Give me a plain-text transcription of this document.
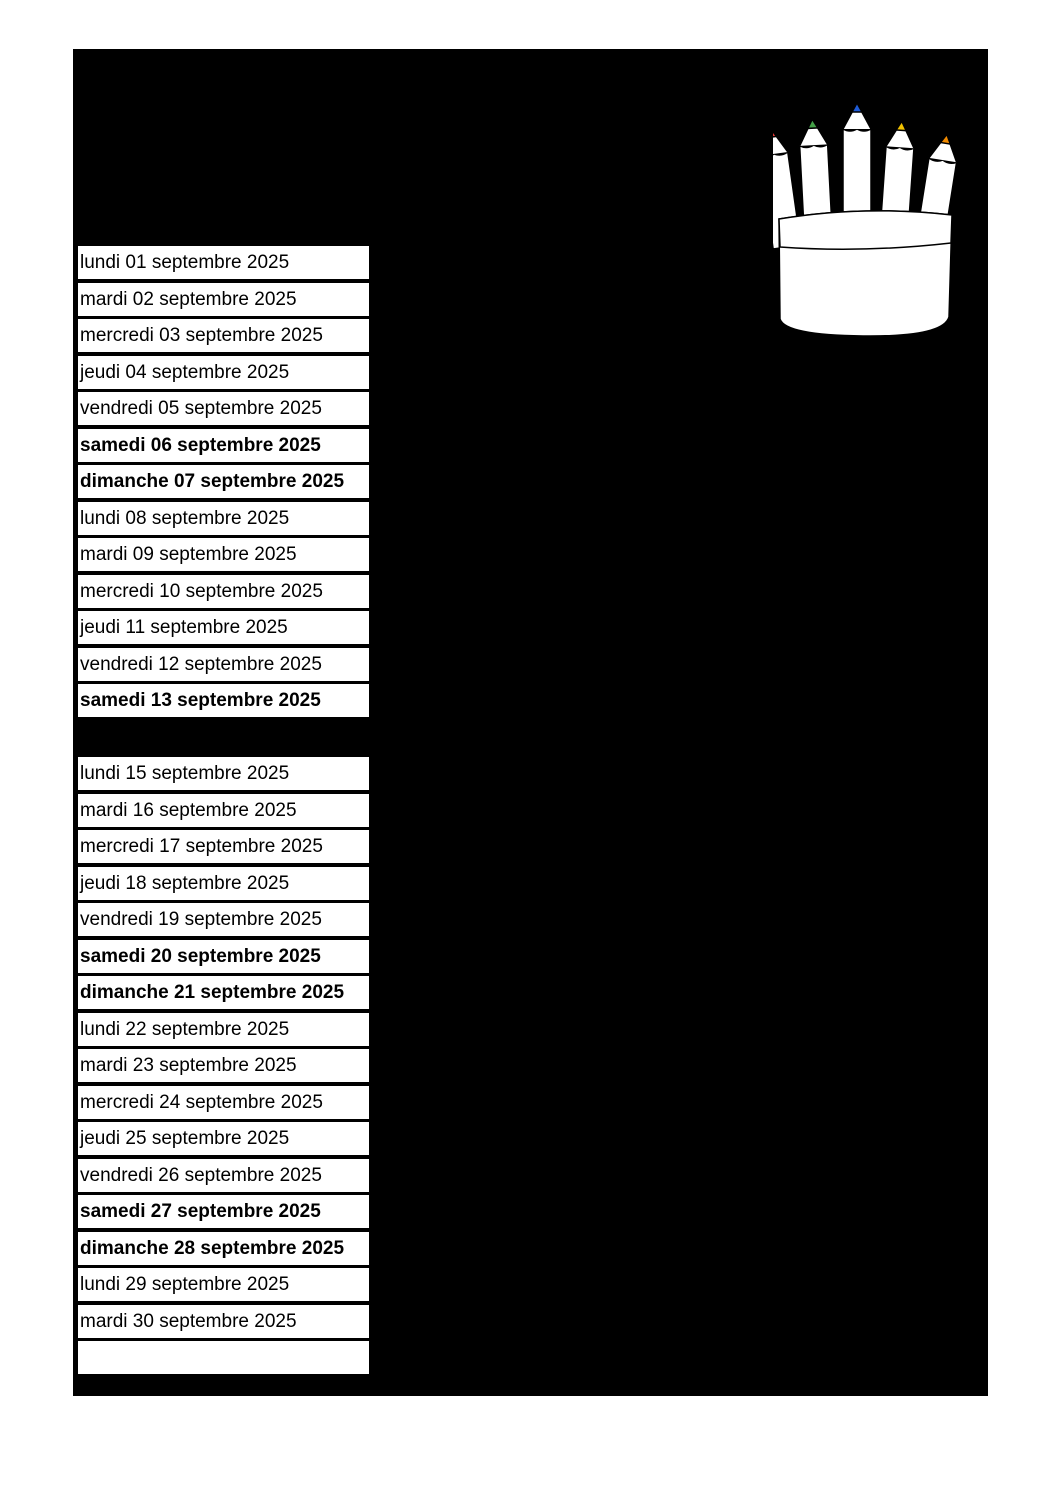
lundi 01 septembre 2025
mardi 02 septembre 2025
mercredi 03 septembre 2025
jeudi 04 septembre 2025
vendredi 05 septembre 2025
samedi 06 septembre 2025
dimanche 07 septembre 2025
lundi 08 septembre 2025
mardi 09 septembre 2025
mercredi 10 septembre 2025
jeudi 11 septembre 2025
vendredi 12 septembre 2025
samedi 13 septembre 2025
lundi 15 septembre 2025
mardi 16 septembre 2025
mercredi 17 septembre 2025
jeudi 18 septembre 2025
vendredi 19 septembre 2025
samedi 20 septembre 2025
dimanche 21 septembre 2025
lundi 22 septembre 2025
mardi 23 septembre 2025
mercredi 24 septembre 2025
jeudi 25 septembre 2025
vendredi 26 septembre 2025
samedi 27 septembre 2025
dimanche 28 septembre 2025
lundi 29 septembre 2025
mardi 30 septembre 2025
